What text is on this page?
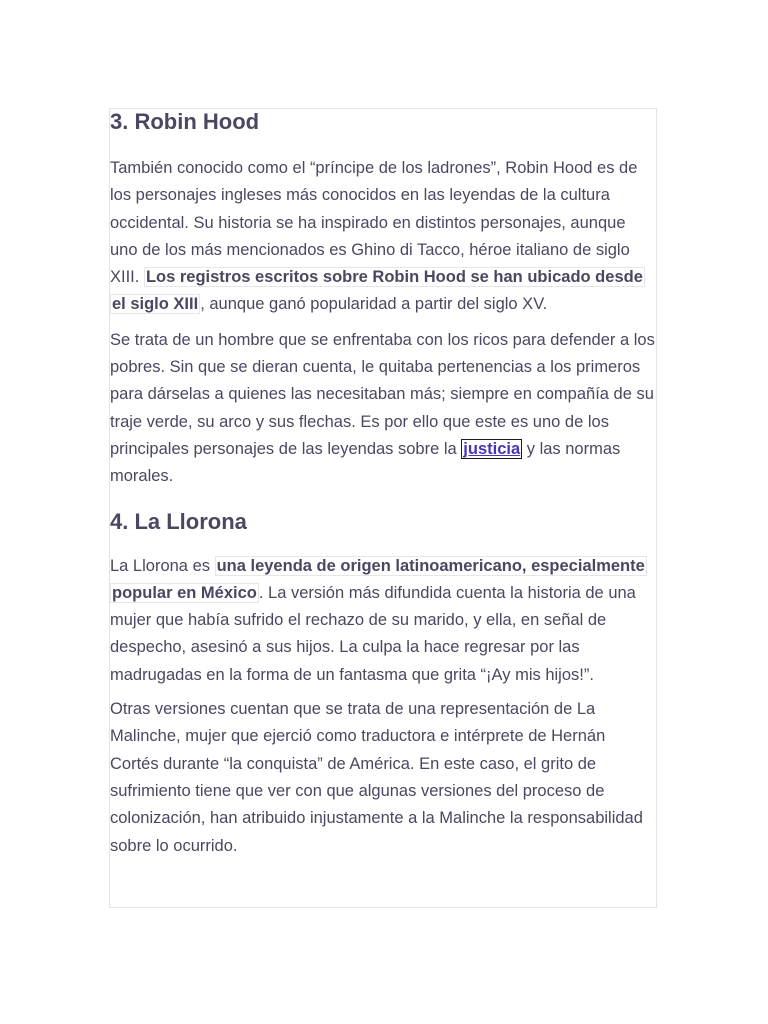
3. Robin Hood

También conocido como el “príncipe de los ladrones”, Robin Hood es de los personajes ingleses más conocidos en las leyendas de la cultura occidental. Su historia se ha inspirado en distintos personajes, aunque uno de los más mencionados es Ghino di Tacco, héroe italiano de siglo XIII. Los registros escritos sobre Robin Hood se han ubicado desde el siglo XIII , aunque ganó popularidad a partir del siglo XV.

Se trata de un hombre que se enfrentaba con los ricos para defender a los pobres. Sin que se dieran cuenta, le quitaba pertenencias a los primeros para dárselas a quienes las necesitaban más; siempre en compañía de su traje verde, su arco y sus flechas. Es por ello que este es uno de los principales personajes de las leyendas sobre la justicia y las normas morales.

4. La Llorona

La Llorona es una leyenda de origen latinoamericano, especialmente popular en México . La versión más difundida cuenta la historia de una mujer que había sufrido el rechazo de su marido, y ella, en señal de despecho, asesinó a sus hijos. La culpa la hace regresar por las madrugadas en la forma de un fantasma que grita “¡Ay mis hijos!”.

Otras versiones cuentan que se trata de una representación de La Malinche, mujer que ejerció como traductora e intérprete de Hernán Cortés durante “la conquista” de América. En este caso, el grito de sufrimiento tiene que ver con que algunas versiones del proceso de colonización, han atribuido injustamente a la Malinche la responsabilidad sobre lo ocurrido.
